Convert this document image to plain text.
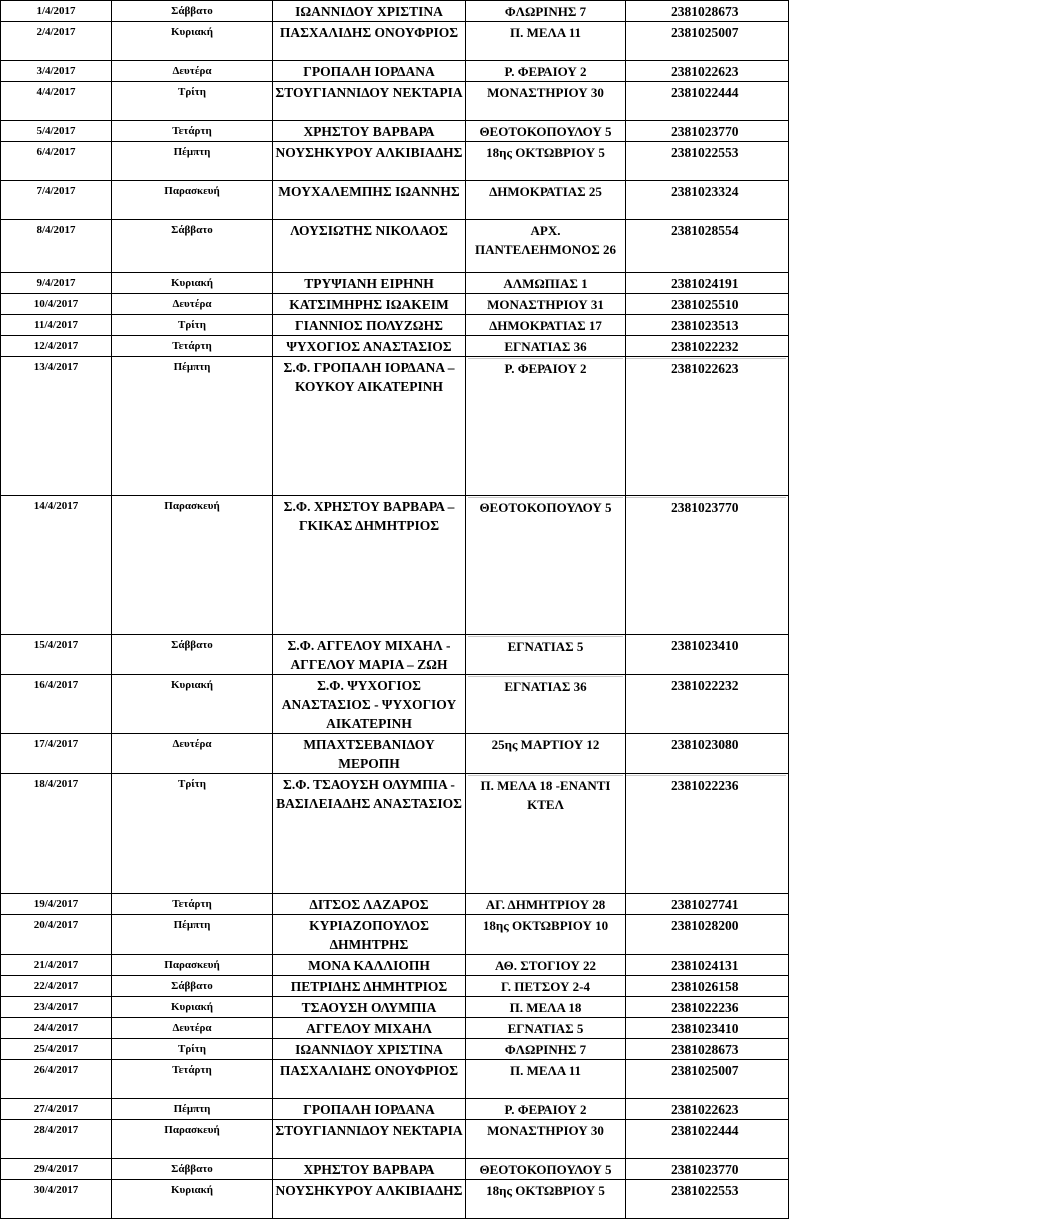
1/4/2017	Σάββατο	ΙΩΑΝΝΙΔΟΥ ΧΡΙΣΤΙΝΑ	ΦΛΩΡΙΝΗΣ 7	2381028673
2/4/2017	Κυριακή	ΠΑΣΧΑΛΙΔΗΣ ΟΝΟΥΦΡΙΟΣ	Π. ΜΕΛΑ 11	2381025007
3/4/2017	Δευτέρα	ΓΡΟΠΑΛΗ ΙΟΡΔΑΝΑ	Ρ. ΦΕΡΑΙΟΥ 2	2381022623
4/4/2017	Τρίτη	ΣΤΟΥΓΙΑΝΝΙΔΟΥ ΝΕΚΤΑΡΙΑ	ΜΟΝΑΣΤΗΡΙΟΥ 30	2381022444
5/4/2017	Τετάρτη	ΧΡΗΣΤΟΥ ΒΑΡΒΑΡΑ	ΘΕΟΤΟΚΟΠΟΥΛΟΥ 5	2381023770
6/4/2017	Πέμπτη	ΝΟΥΣΗΚΥΡΟΥ ΑΛΚΙΒΙΑΔΗΣ	18ης ΟΚΤΩΒΡΙΟΥ 5	2381022553
7/4/2017	Παρασκευή	ΜΟΥΧΑΛΕΜΠΗΣ ΙΩΑΝΝΗΣ	ΔΗΜΟΚΡΑΤΙΑΣ 25	2381023324
8/4/2017	Σάββατο	ΛΟΥΣΙΩΤΗΣ ΝΙΚΟΛΑΟΣ	ΑΡΧ. ΠΑΝΤΕΛΕΗΜΟΝΟΣ 26	2381028554
9/4/2017	Κυριακή	ΤΡΥΨΙΑΝΗ ΕΙΡΗΝΗ	ΑΛΜΩΠΙΑΣ 1	2381024191
10/4/2017	Δευτέρα	ΚΑΤΣΙΜΗΡΗΣ ΙΩΑΚΕΙΜ	ΜΟΝΑΣΤΗΡΙΟΥ 31	2381025510
11/4/2017	Τρίτη	ΓΙΑΝΝΙΟΣ ΠΟΛΥΖΩΗΣ	ΔΗΜΟΚΡΑΤΙΑΣ 17	2381023513
12/4/2017	Τετάρτη	ΨΥΧΟΓΙΟΣ ΑΝΑΣΤΑΣΙΟΣ	ΕΓΝΑΤΙΑΣ 36	2381022232
13/4/2017	Πέμπτη	Σ.Φ. ΓΡΟΠΑΛΗ ΙΟΡΔΑΝΑ – ΚΟΥΚΟΥ ΑΙΚΑΤΕΡΙΝΗ	Ρ. ΦΕΡΑΙΟΥ 2	2381022623

14/4/2017	Παρασκευή	Σ.Φ. ΧΡΗΣΤΟΥ ΒΑΡΒΑΡΑ – ΓΚΙΚΑΣ ΔΗΜΗΤΡΙΟΣ	ΘΕΟΤΟΚΟΠΟΥΛΟΥ 5	2381023770

15/4/2017	Σάββατο	Σ.Φ. ΑΓΓΕΛΟΥ ΜΙΧΑΗΛ - ΑΓΓΕΛΟΥ ΜΑΡΙΑ – ΖΩΗ	ΕΓΝΑΤΙΑΣ 5	2381023410
16/4/2017	Κυριακή	Σ.Φ. ΨΥΧΟΓΙΟΣ ΑΝΑΣΤΑΣΙΟΣ - ΨΥΧΟΓΙΟΥ ΑΙΚΑΤΕΡΙΝΗ	ΕΓΝΑΤΙΑΣ 36	2381022232
17/4/2017	Δευτέρα	ΜΠΑΧΤΣΕΒΑΝΙΔΟΥ ΜΕΡΟΠΗ	25ης ΜΑΡΤΙΟΥ 12	2381023080
18/4/2017	Τρίτη	Σ.Φ. ΤΣΑΟΥΣΗ ΟΛΥΜΠΙΑ - ΒΑΣΙΛΕΙΑΔΗΣ ΑΝΑΣΤΑΣΙΟΣ	Π. ΜΕΛΑ 18 -ΕΝΑΝΤΙ ΚΤΕΛ	2381022236

19/4/2017	Τετάρτη	ΔΙΤΣΟΣ ΛΑΖΑΡΟΣ	ΑΓ. ΔΗΜΗΤΡΙΟΥ 28	2381027741
20/4/2017	Πέμπτη	ΚΥΡΙΑΖΟΠΟΥΛΟΣ ΔΗΜΗΤΡΗΣ	18ης ΟΚΤΩΒΡΙΟΥ 10	2381028200
21/4/2017	Παρασκευή	ΜΟΝΑ ΚΑΛΛΙΟΠΗ	ΑΘ. ΣΤΟΓΙΟΥ 22	2381024131
22/4/2017	Σάββατο	ΠΕΤΡΙΔΗΣ ΔΗΜΗΤΡΙΟΣ	Γ. ΠΕΤΣΟΥ 2-4	2381026158
23/4/2017	Κυριακή	ΤΣΑΟΥΣΗ ΟΛΥΜΠΙΑ	Π. ΜΕΛΑ 18	2381022236
24/4/2017	Δευτέρα	ΑΓΓΕΛΟΥ ΜΙΧΑΗΛ	ΕΓΝΑΤΙΑΣ 5	2381023410
25/4/2017	Τρίτη	ΙΩΑΝΝΙΔΟΥ ΧΡΙΣΤΙΝΑ	ΦΛΩΡΙΝΗΣ 7	2381028673
26/4/2017	Τετάρτη	ΠΑΣΧΑΛΙΔΗΣ ΟΝΟΥΦΡΙΟΣ	Π. ΜΕΛΑ 11	2381025007
27/4/2017	Πέμπτη	ΓΡΟΠΑΛΗ ΙΟΡΔΑΝΑ	Ρ. ΦΕΡΑΙΟΥ 2	2381022623
28/4/2017	Παρασκευή	ΣΤΟΥΓΙΑΝΝΙΔΟΥ ΝΕΚΤΑΡΙΑ	ΜΟΝΑΣΤΗΡΙΟΥ 30	2381022444
29/4/2017	Σάββατο	ΧΡΗΣΤΟΥ ΒΑΡΒΑΡΑ	ΘΕΟΤΟΚΟΠΟΥΛΟΥ 5	2381023770
30/4/2017	Κυριακή	ΝΟΥΣΗΚΥΡΟΥ ΑΛΚΙΒΙΑΔΗΣ	18ης ΟΚΤΩΒΡΙΟΥ 5	2381022553
